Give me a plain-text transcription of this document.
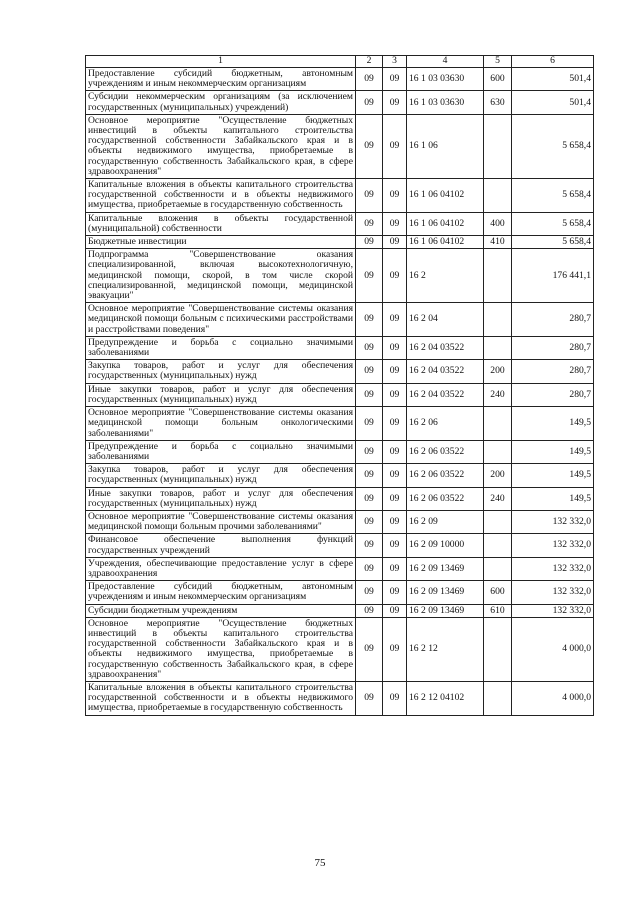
1	2	3	4	5	6
Предоставление субсидий бюджетным, автономным учреждениям и иным некоммерческим организациям	09	09	16 1 03 03630	600	501,4
Субсидии некоммерческим организациям (за исключением государственных (муниципальных) учреждений)	09	09	16 1 03 03630	630	501,4
Основное мероприятие "Осуществление бюджетных инвестиций в объекты капитального строительства государственной собственности Забайкальского края и в объекты недвижимого имущества, приобретаемые в государственную собственность Забайкальского края, в сфере здравоохранения"	09	09	16 1 06		5 658,4
Капитальные вложения в объекты капитального строительства государственной собственности и в объекты недвижимого имущества, приобретаемые в государственную собственность	09	09	16 1 06 04102		5 658,4
Капитальные вложения в объекты государственной (муниципальной) собственности	09	09	16 1 06 04102	400	5 658,4
Бюджетные инвестиции	09	09	16 1 06 04102	410	5 658,4
Подпрограмма "Совершенствование оказания специализированной, включая высокотехнологичную, медицинской помощи, скорой, в том числе скорой специализированной, медицинской помощи, медицинской эвакуации"	09	09	16 2		176 441,1
Основное мероприятие "Совершенствование системы оказания медицинской помощи больным с психическими расстройствами и расстройствами поведения"	09	09	16 2 04		280,7
Предупреждение и борьба с социально значимыми заболеваниями	09	09	16 2 04 03522		280,7
Закупка товаров, работ и услуг для обеспечения государственных (муниципальных) нужд	09	09	16 2 04 03522	200	280,7
Иные закупки товаров, работ и услуг для обеспечения государственных (муниципальных) нужд	09	09	16 2 04 03522	240	280,7
Основное мероприятие "Совершенствование системы оказания медицинской помощи больным онкологическими заболеваниями"	09	09	16 2 06		149,5
Предупреждение и борьба с социально значимыми заболеваниями	09	09	16 2 06 03522		149,5
Закупка товаров, работ и услуг для обеспечения государственных (муниципальных) нужд	09	09	16 2 06 03522	200	149,5
Иные закупки товаров, работ и услуг для обеспечения государственных (муниципальных) нужд	09	09	16 2 06 03522	240	149,5
Основное мероприятие "Совершенствование системы оказания медицинской помощи больным прочими заболеваниями"	09	09	16 2 09		132 332,0
Финансовое обеспечение выполнения функций государственных учреждений	09	09	16 2 09 10000		132 332,0
Учреждения, обеспечивающие предоставление услуг в сфере здравоохранения	09	09	16 2 09 13469		132 332,0
Предоставление субсидий бюджетным, автономным учреждениям и иным некоммерческим организациям	09	09	16 2 09 13469	600	132 332,0
Субсидии бюджетным учреждениям	09	09	16 2 09 13469	610	132 332,0
Основное мероприятие "Осуществление бюджетных инвестиций в объекты капитального строительства государственной собственности Забайкальского края и в объекты недвижимого имущества, приобретаемые в государственную собственность Забайкальского края, в сфере здравоохранения"	09	09	16 2 12		4 000,0
Капитальные вложения в объекты капитального строительства государственной собственности и в объекты недвижимого имущества, приобретаемые в государственную собственность	09	09	16 2 12 04102		4 000,0
75
